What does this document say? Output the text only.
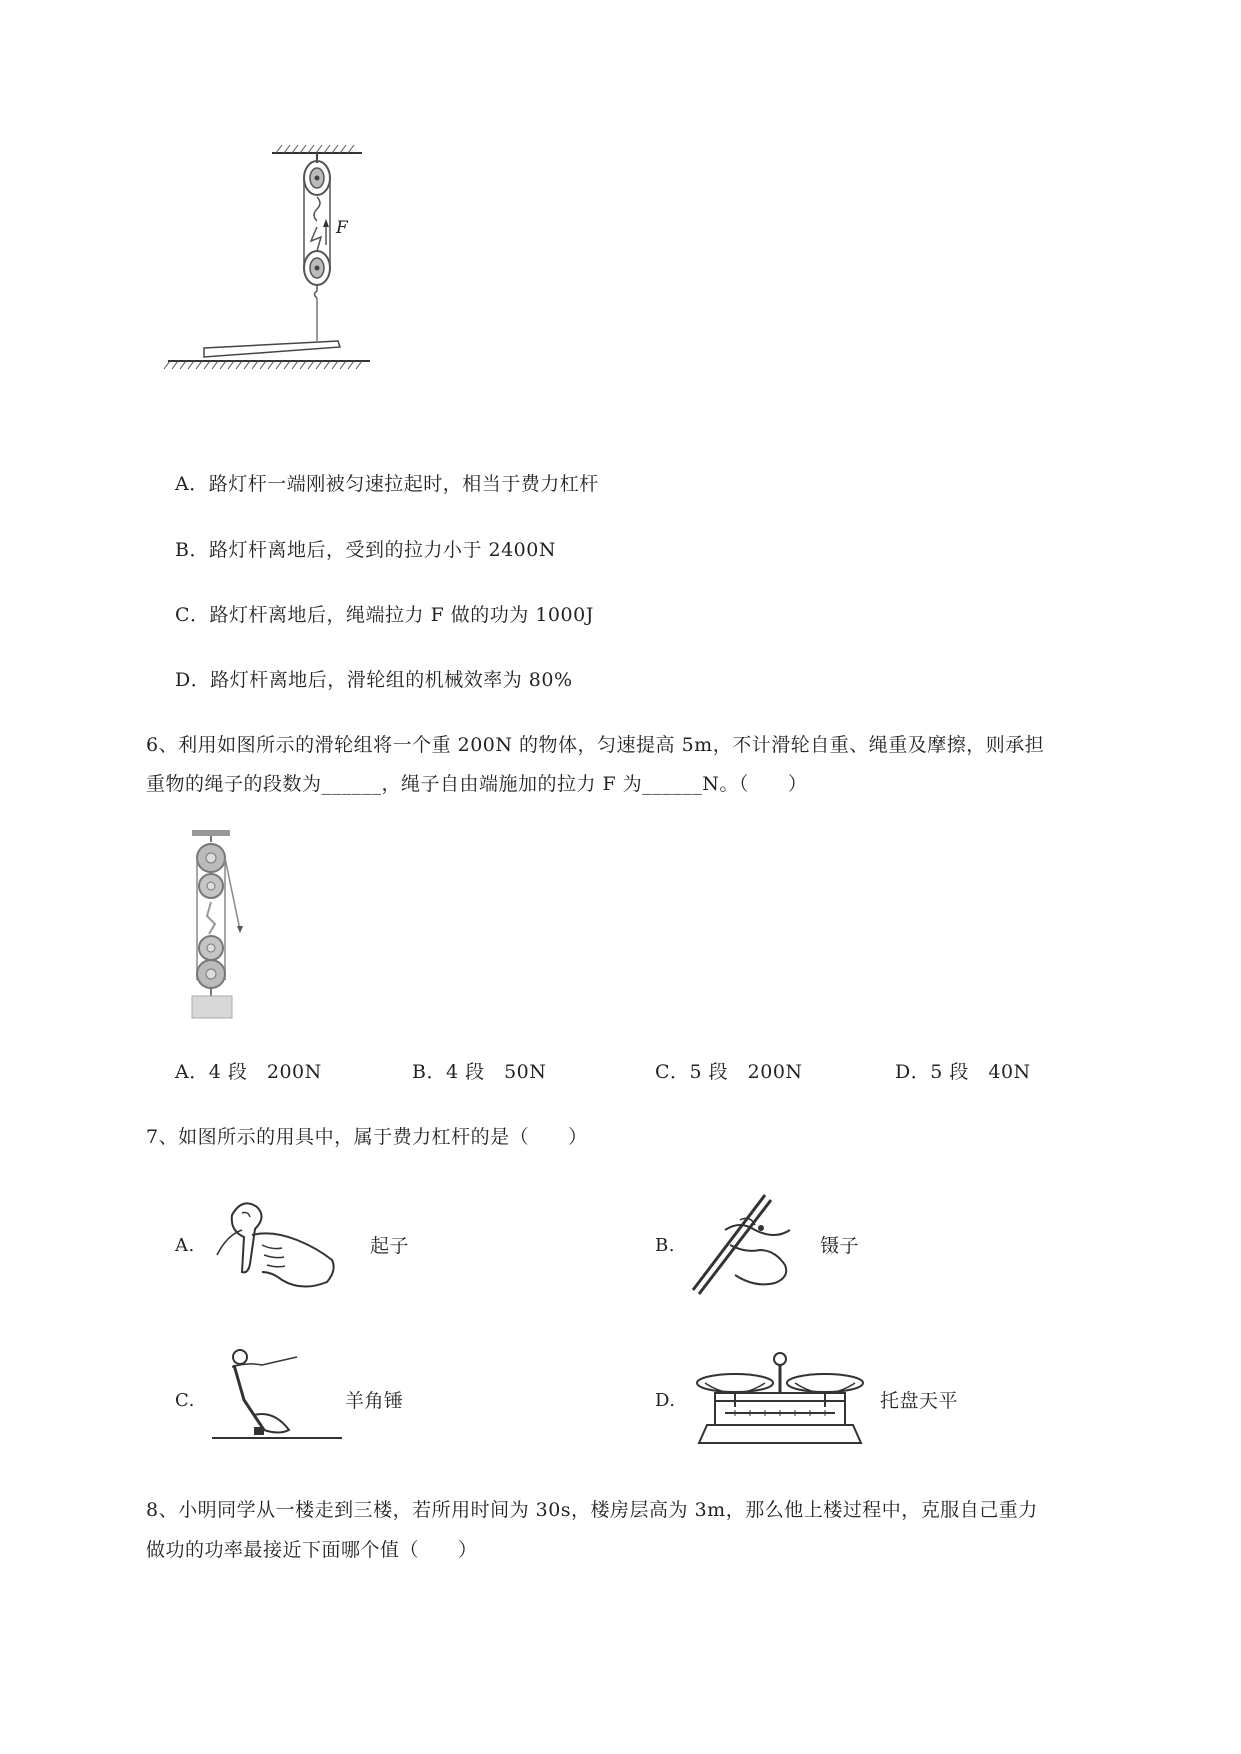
F
A．路灯杆一端刚被匀速拉起时，相当于费力杠杆
B．路灯杆离地后，受到的拉力小于 2400N
C．路灯杆离地后，绳端拉力 F 做的功为 1000J
D．路灯杆离地后，滑轮组的机械效率为 80%
6、利用如图所示的滑轮组将一个重 200N 的物体，匀速提高 5m，不计滑轮自重、绳重及摩擦，则承担
重物的绳子的段数为______，绳子自由端施加的拉力 F 为______N。（　　）
A．4 段　200N	B．4 段　50N	C．5 段　200N	D．5 段　40N
7、如图所示的用具中，属于费力杠杆的是（　　）
A.	起子	B.	镊子
C.	羊角锤	D.	托盘天平
8、小明同学从一楼走到三楼，若所用时间为 30s，楼房层高为 3m，那么他上楼过程中，克服自己重力
做功的功率最接近下面哪个值（　　）
